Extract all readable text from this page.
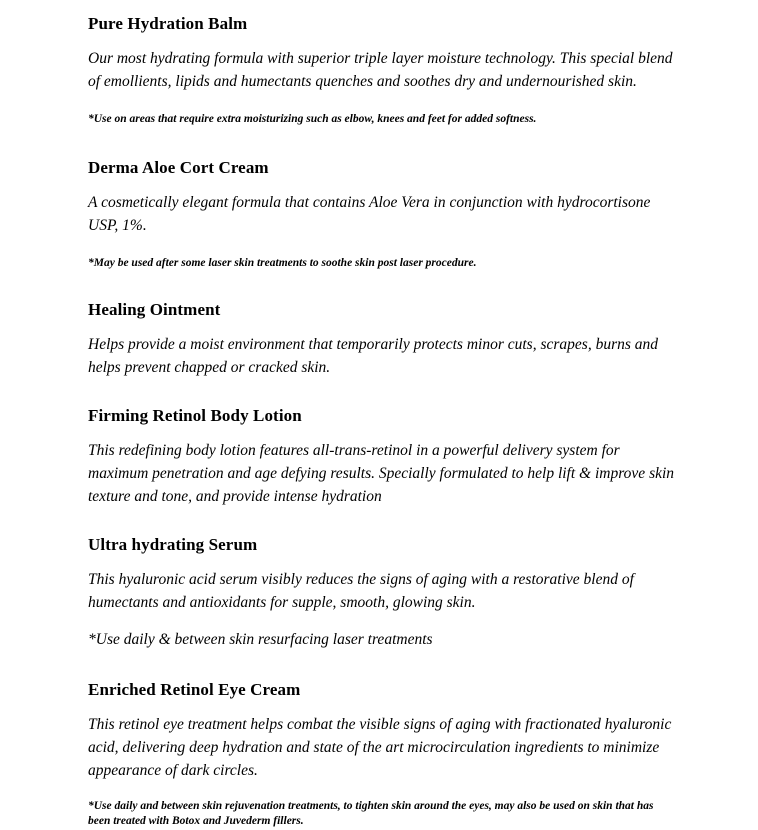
Pure Hydration Balm

Our most hydrating formula with superior triple layer moisture technology. This special blend of emollients, lipids and humectants quenches and soothes dry and undernourished skin.

*Use on areas that require extra moisturizing such as elbow, knees and feet for added softness.

Derma Aloe Cort Cream

A cosmetically elegant formula that contains Aloe Vera in conjunction with hydrocortisone USP, 1%.

*May be used after some laser skin treatments to soothe skin post laser procedure.

Healing Ointment

Helps provide a moist environment that temporarily protects minor cuts, scrapes, burns and helps prevent chapped or cracked skin.

Firming Retinol Body Lotion

This redefining body lotion features all-trans-retinol in a powerful delivery system for maximum penetration and age defying results. Specially formulated to help lift & improve skin texture and tone, and provide intense hydration

Ultra hydrating Serum

This hyaluronic acid serum visibly reduces the signs of aging with a restorative blend of humectants and antioxidants for supple, smooth, glowing skin.

*Use daily & between skin resurfacing laser treatments

Enriched Retinol Eye Cream

This retinol eye treatment helps combat the visible signs of aging with fractionated hyaluronic acid, delivering deep hydration and state of the art microcirculation ingredients to minimize appearance of dark circles.

*Use daily and between skin rejuvenation treatments, to tighten skin around the eyes, may also be used on skin that has been treated with Botox and Juvederm fillers.
